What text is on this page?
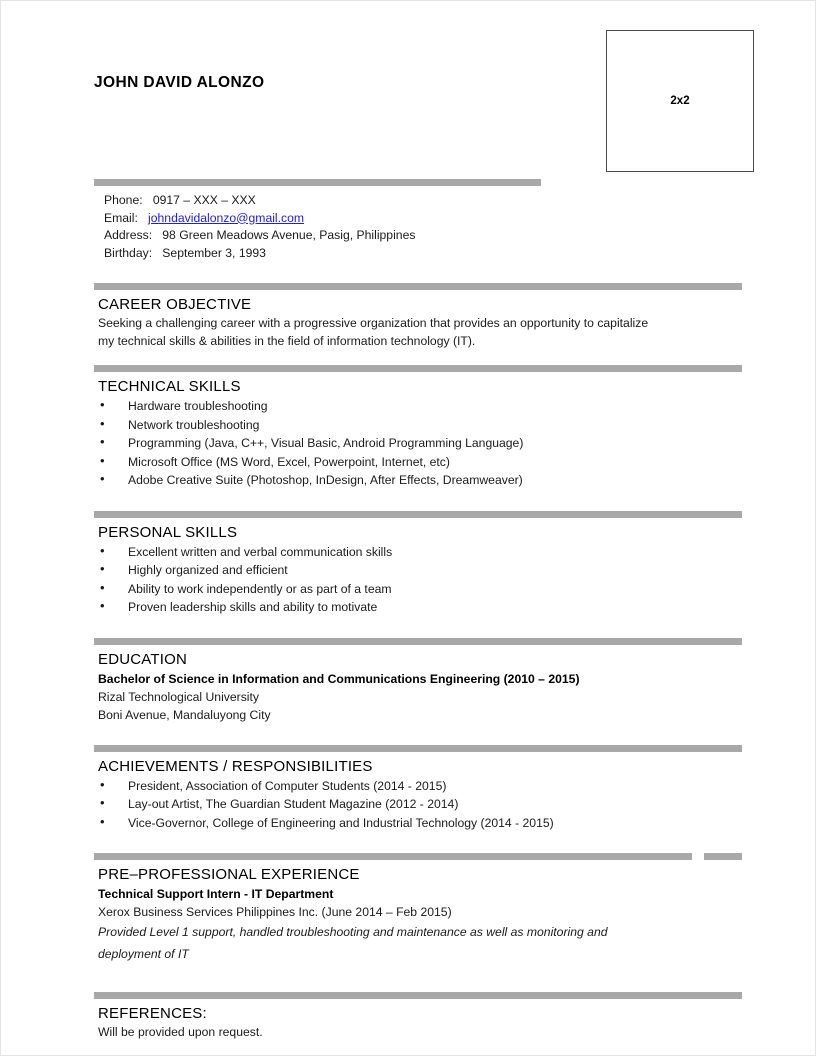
JOHN DAVID ALONZO
2x2
Phone: 0917 – XXX – XXX
Email: johndavidalonzo@gmail.com
Address: 98 Green Meadows Avenue, Pasig, Philippines
Birthday: September 3, 1993
CAREER OBJECTIVE
Seeking a challenging career with a progressive organization that provides an opportunity to capitalize
my technical skills & abilities in the field of information technology (IT).
TECHNICAL SKILLS
• Hardware troubleshooting
• Network troubleshooting
• Programming (Java, C++, Visual Basic, Android Programming Language)
• Microsoft Office (MS Word, Excel, Powerpoint, Internet, etc)
• Adobe Creative Suite (Photoshop, InDesign, After Effects, Dreamweaver)
PERSONAL SKILLS
• Excellent written and verbal communication skills
• Highly organized and efficient
• Ability to work independently or as part of a team
• Proven leadership skills and ability to motivate
EDUCATION
Bachelor of Science in Information and Communications Engineering (2010 – 2015)
Rizal Technological University
Boni Avenue, Mandaluyong City
ACHIEVEMENTS / RESPONSIBILITIES
• President, Association of Computer Students (2014 - 2015)
• Lay-out Artist, The Guardian Student Magazine (2012 - 2014)
• Vice-Governor, College of Engineering and Industrial Technology (2014 - 2015)
PRE–PROFESSIONAL EXPERIENCE
Technical Support Intern - IT Department
Xerox Business Services Philippines Inc. (June 2014 – Feb 2015)
Provided Level 1 support, handled troubleshooting and maintenance as well as monitoring and
deployment of IT
REFERENCES:
Will be provided upon request.
